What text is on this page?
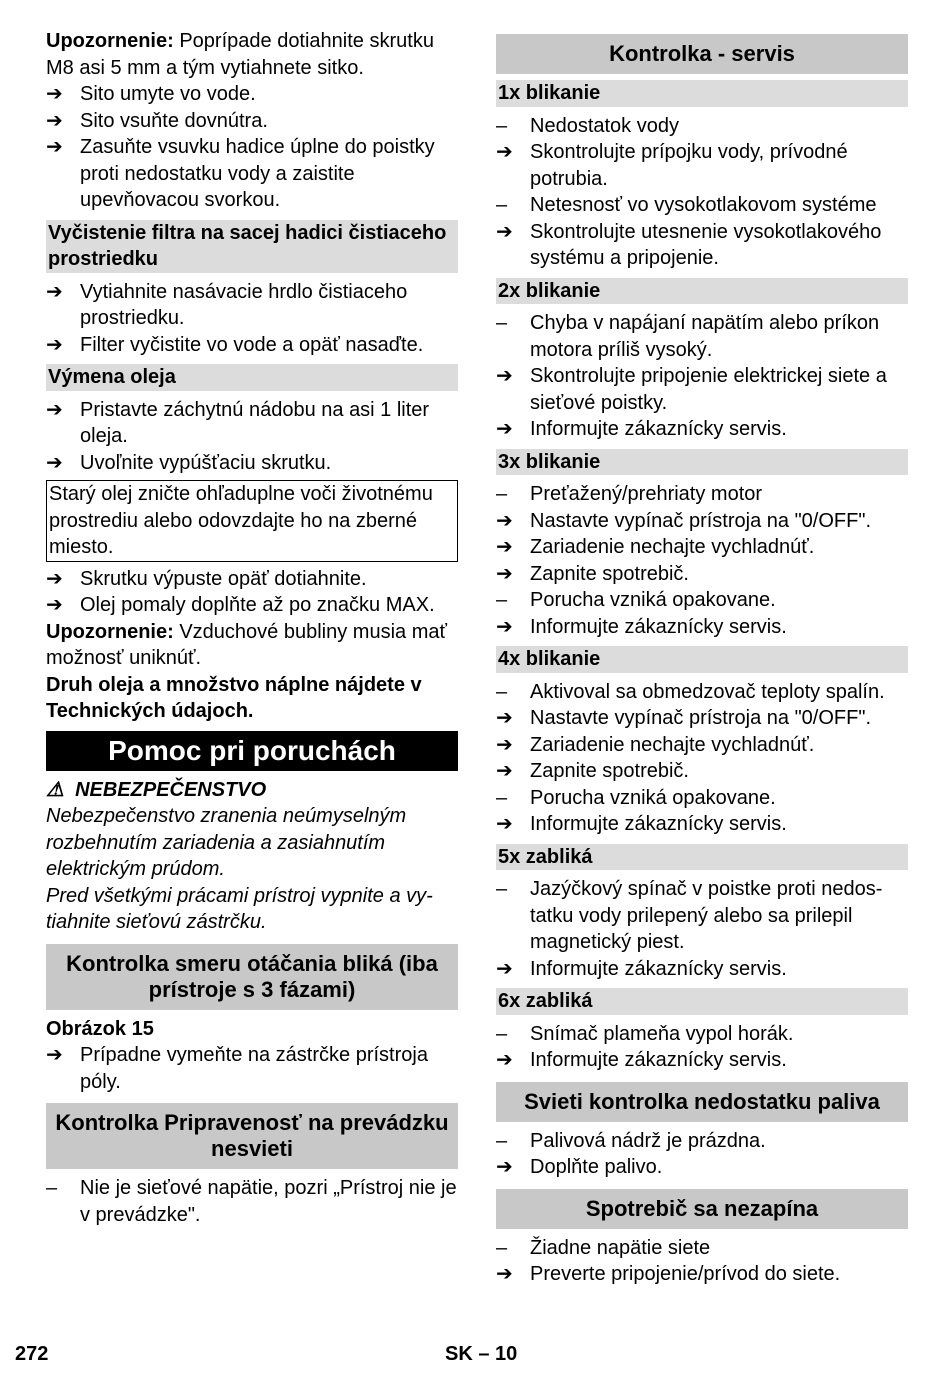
Upozornenie: Poprípade dotiahnite skrutku M8 asi 5 mm a tým vytiahnete sitko.

➔ Sito umyte vo vode.
➔ Sito vsuňte dovnútra.
➔ Zasuňte vsuvku hadice úplne do poistky proti nedostatku vody a zaistite upevňovacou svorkou.
Vyčistenie filtra na sacej hadici čistiaceho prostriedku
➔ Vytiahnite nasávacie hrdlo čistiaceho prostriedku.
➔ Filter vyčistite vo vode a opäť nasaďte.
Výmena oleja
➔ Pristavte záchytnú nádobu na asi 1 liter oleja.
➔ Uvoľnite vypúšťaciu skrutku.
Starý olej zničte ohľaduplne voči životnému prostrediu alebo odovzdajte ho na zberné miesto.
➔ Skrutku výpuste opäť dotiahnite.
➔ Olej pomaly doplňte až po značku MAX.

Upozornenie: Vzduchové bubliny musia mať možnosť uniknúť.

Druh oleja a množstvo náplne nájdete v Technických údajoch.

Pomoc pri poruchách

⚠ NEBEZPEČENSTVO

Nebezpečenstvo zranenia neúmyselným rozbehnutím zariadenia a zasiahnutím elektrickým prúdom.

Pred všetkými prácami prístroj vypnite a vytiahnite sieťovú zástrčku.

Kontrolka smeru otáčania bliká (iba prístroje s 3 fázami)

Obrázok 15

➔ Prípadne vymeňte na zástrčke prístroja póly.
Kontrolka Pripravenosť na prevádzku nesvieti
–	Nie je sieťové napätie, pozri „Prístroj nie je v prevádzke".
Kontrolka - servis
1x blikanie
–	Nedostatok vody
➔ Skontrolujte prípojku vody, prívodné potrubia.
–	Netesnosť vo vysokotlakovom systéme
➔ Skontrolujte utesnenie vysokotlakového systému a pripojenie.
2x blikanie
–	Chyba v napájaní napätím alebo príkon motora príliš vysoký.
➔ Skontrolujte pripojenie elektrickej siete a sieťové poistky.
➔ Informujte zákaznícky servis.
3x blikanie
–	Preťažený/prehriaty motor
➔ Nastavte vypínač prístroja na "0/OFF".
➔ Zariadenie nechajte vychladnúť.
➔ Zapnite spotrebič.
–	Porucha vzniká opakovane.
➔ Informujte zákaznícky servis.
4x blikanie
–	Aktivoval sa obmedzovač teploty spalín.
➔ Nastavte vypínač prístroja na "0/OFF".
➔ Zariadenie nechajte vychladnúť.
➔ Zapnite spotrebič.
–	Porucha vzniká opakovane.
➔ Informujte zákaznícky servis.
5x zabliká
–	Jazýčkový spínač v poistke proti nedostatku vody prilepený alebo sa prilepil magnetický piest.
➔ Informujte zákaznícky servis.
6x zabliká
–	Snímač plameňa vypol horák.
➔ Informujte zákaznícky servis.
Svieti kontrolka nedostatku paliva
–	Palivová nádrž je prázdna.
➔ Doplňte palivo.
Spotrebič sa nezapína
–	Žiadne napätie siete
➔ Preverte pripojenie/prívod do siete.
272	SK – 10
